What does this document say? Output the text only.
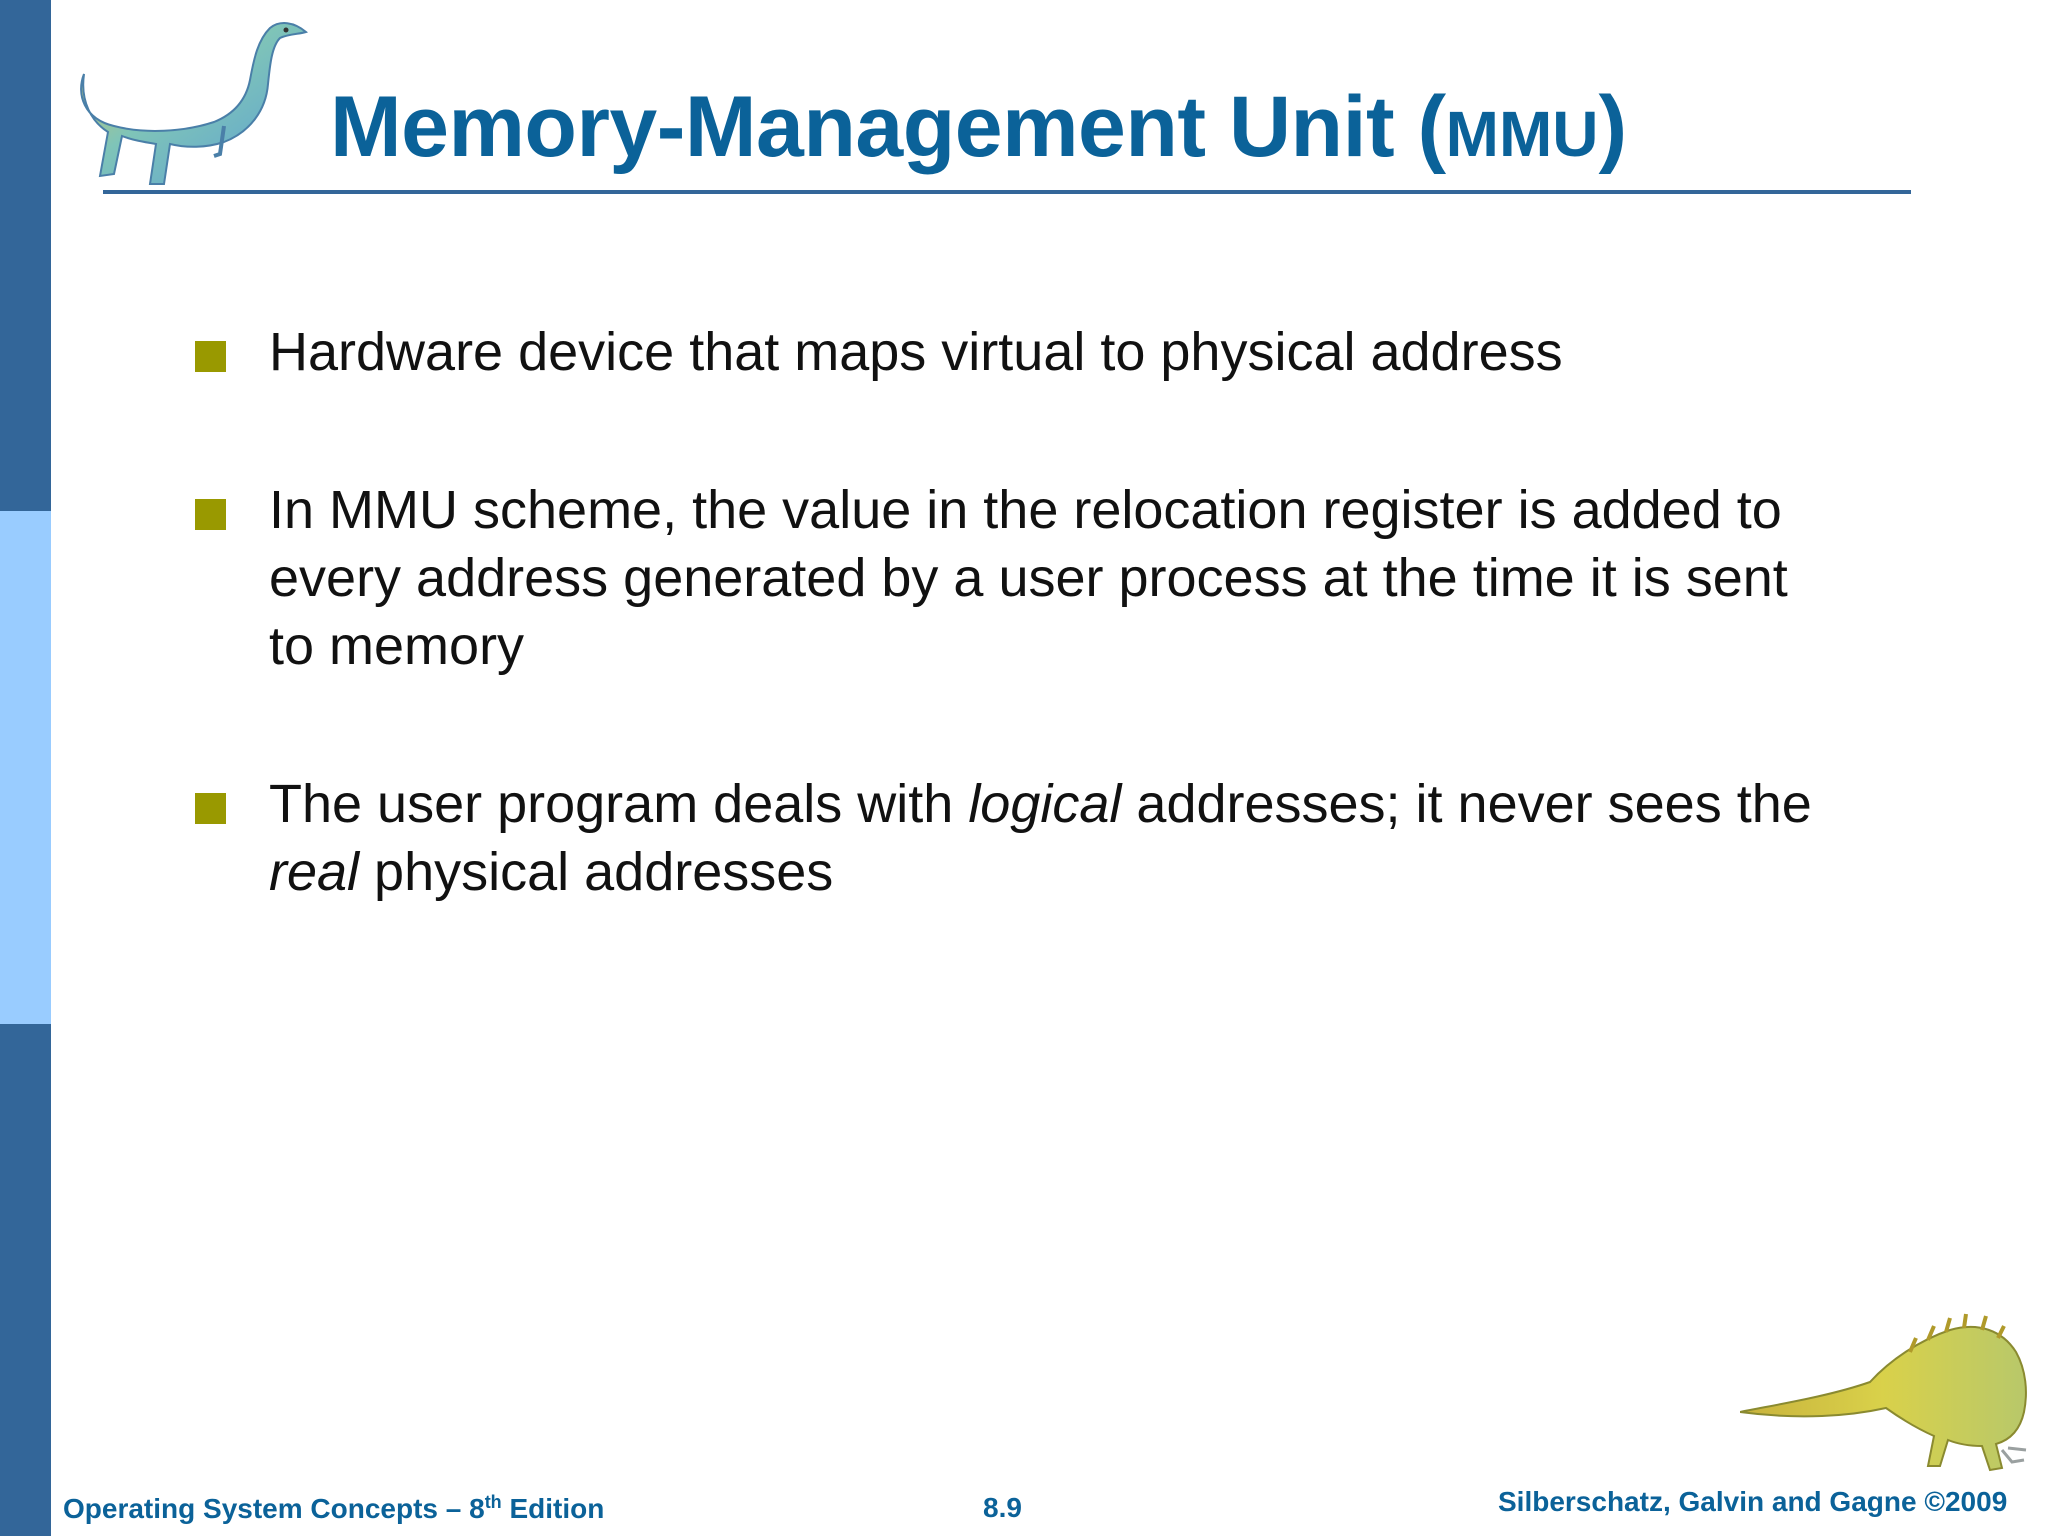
Memory-Management Unit (MMU)
Hardware device that maps virtual to physical address
In MMU scheme, the value in the relocation register is added to every address generated by a user process at the time it is sent to memory
The user program deals with logical addresses; it never sees the real physical addresses
Operating System Concepts – 8th Edition	8.9	Silberschatz, Galvin and Gagne ©2009
